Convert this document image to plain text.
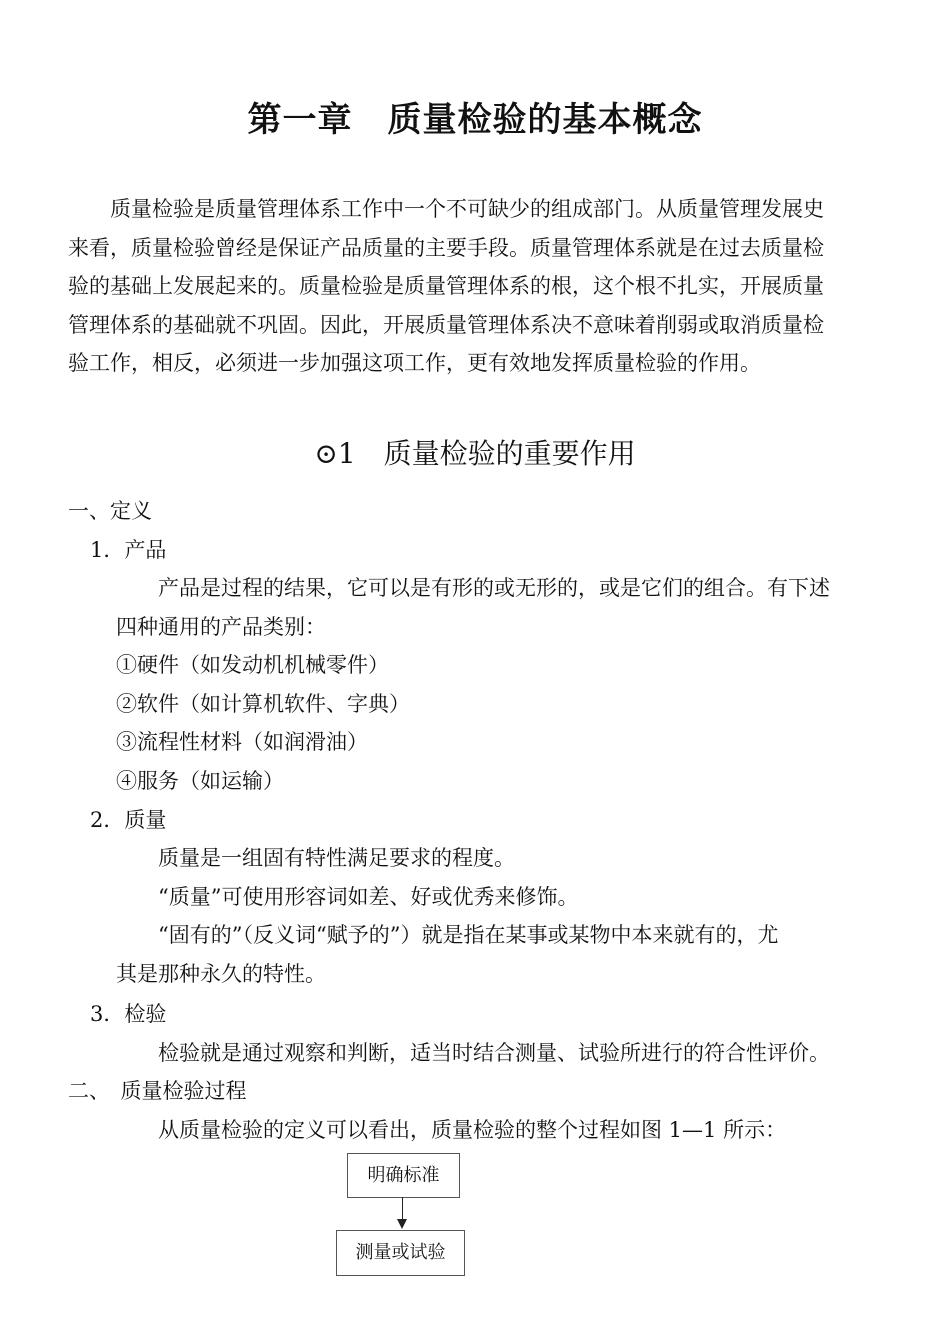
第一章　质量检验的基本概念
　　质量检验是质量管理体系工作中一个不可缺少的组成部门。从质量管理发展史
来看，质量检验曾经是保证产品质量的主要手段。质量管理体系就是在过去质量检
验的基础上发展起来的。质量检验是质量管理体系的根，这个根不扎实，开展质量
管理体系的基础就不巩固。因此，开展质量管理体系决不意味着削弱或取消质量检
验工作，相反，必须进一步加强这项工作，更有效地发挥质量检验的作用。
⊙1　质量检验的重要作用
一、定义
1．产品
产品是过程的结果，它可以是有形的或无形的，或是它们的组合。有下述
四种通用的产品类别：
①硬件（如发动机机械零件）
②软件（如计算机软件、字典）
③流程性材料（如润滑油）
④服务（如运输）
2．质量
质量是一组固有特性满足要求的程度。
“质量”可使用形容词如差、好或优秀来修饰。
“固有的”（反义词“赋予的”）就是指在某事或某物中本来就有的，尤
其是那种永久的特性。
3．检验
检验就是通过观察和判断，适当时结合测量、试验所进行的符合性评价。
二、　质量检验过程
从质量检验的定义可以看出，质量检验的整个过程如图 1—1 所示：
明确标准
测量或试验
